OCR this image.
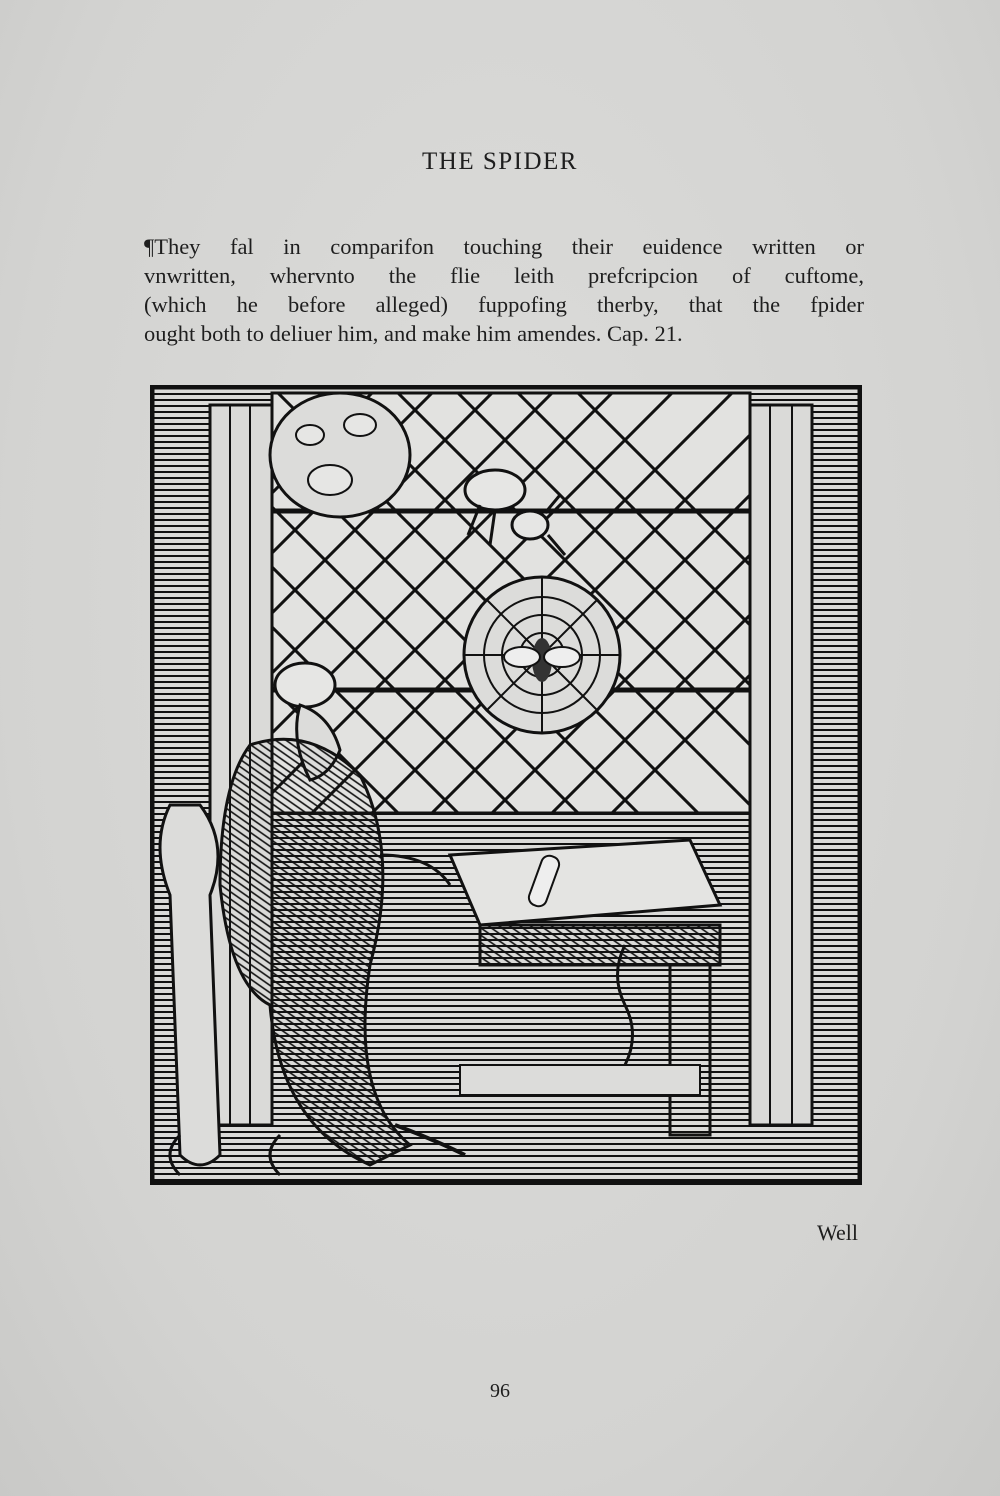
THE SPIDER
¶They fal in comparifon touching their euidence written or
vnwritten, whervnto the flie leith prefcripcion of cuftome,
(which he before alleged) fuppofing therby, that the fpider
ought both to deliuer him, and make him amendes. Cap. 21.
Well
96
